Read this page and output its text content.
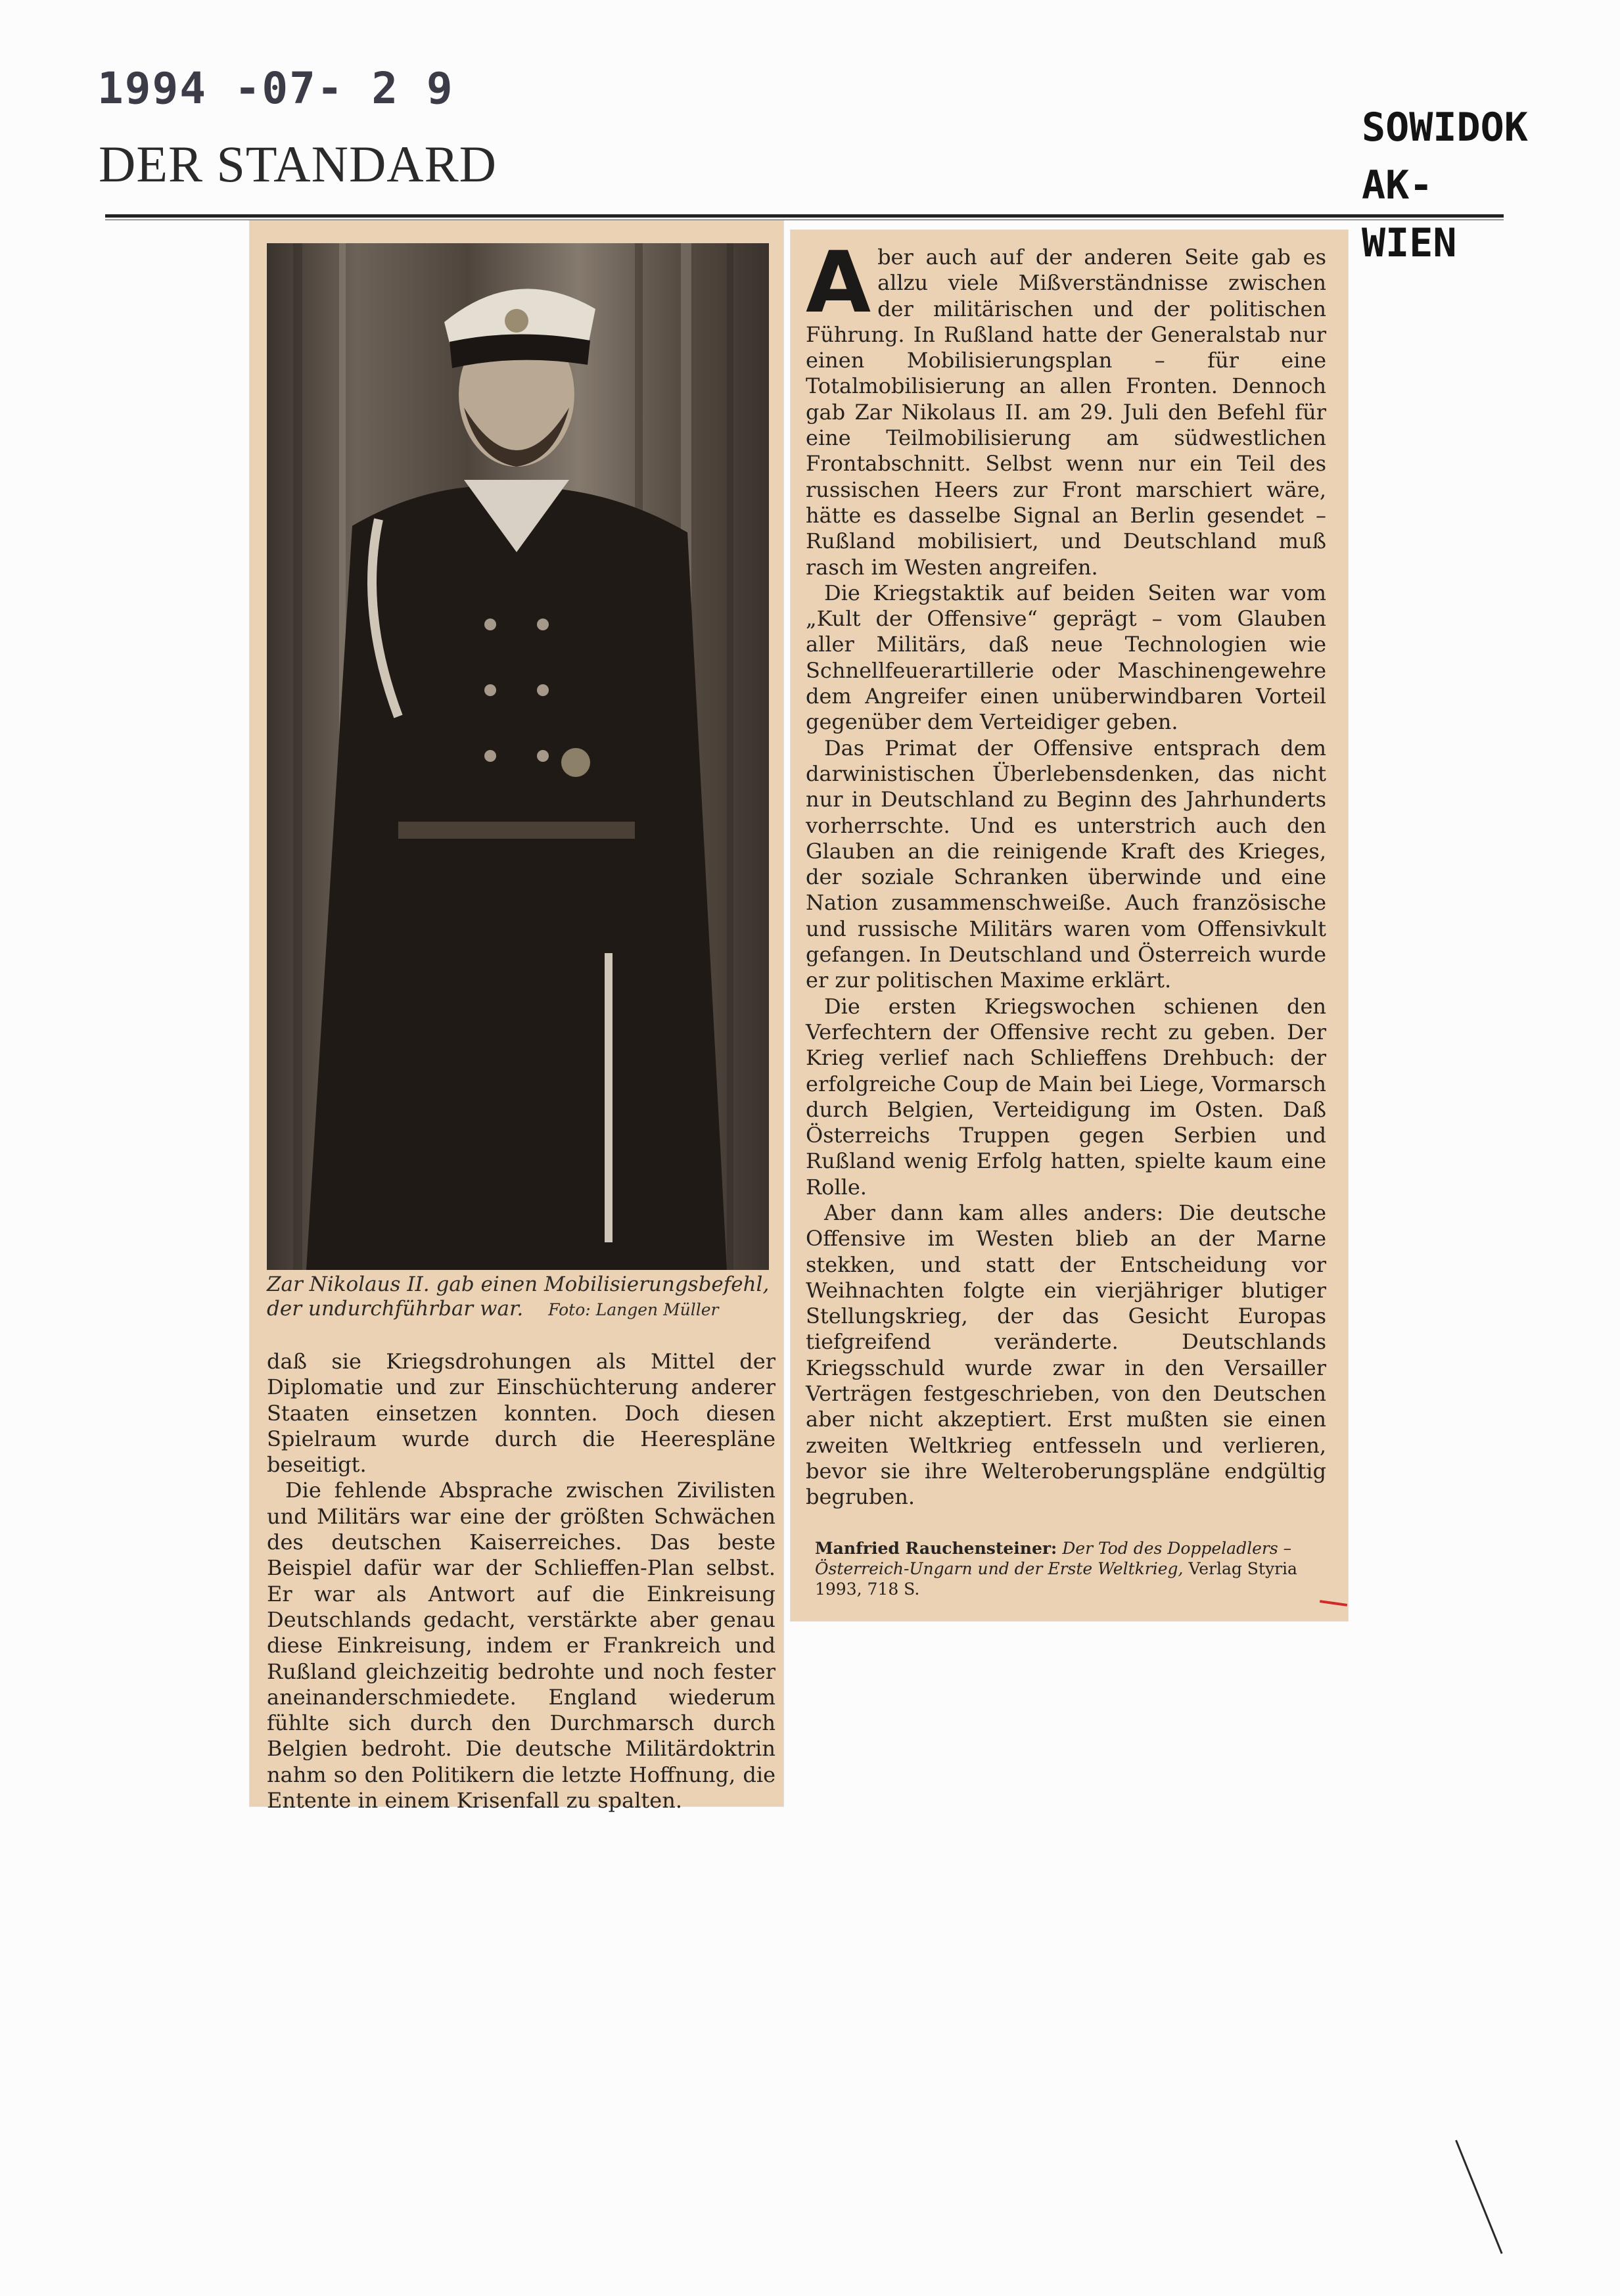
1994 -07- 2 9
DER STANDARD
SOWIDOK
AK-WIEN
Zar Nikolaus II. gab einen Mobilisierungsbefehl, der undurchführbar war. Foto: Langen Müller

daß sie Kriegsdrohungen als Mittel der Diplomatie und zur Einschüchterung anderer Staaten einsetzen konnten. Doch diesen Spielraum wurde durch die Heerespläne beseitigt.

Die fehlende Absprache zwischen Zivilisten und Militärs war eine der größten Schwächen des deutschen Kaiserreiches. Das beste Beispiel dafür war der Schlieffen-Plan selbst. Er war als Antwort auf die Einkreisung Deutschlands gedacht, verstärkte aber genau diese Einkreisung, indem er Frankreich und Rußland gleichzeitig bedrohte und noch fester aneinanderschmiedete. England wiederum fühlte sich durch den Durchmarsch durch Belgien bedroht. Die deutsche Militärdoktrin nahm so den Politikern die letzte Hoffnung, die Entente in einem Krisenfall zu spalten.

Aber auch auf der anderen Seite gab es allzu viele Mißverständnisse zwischen der militärischen und der politischen Führung. In Rußland hatte der Generalstab nur einen Mobilisierungsplan – für eine Totalmobilisierung an allen Fronten. Dennoch gab Zar Nikolaus II. am 29. Juli den Befehl für eine Teilmobilisierung am südwestlichen Frontabschnitt. Selbst wenn nur ein Teil des russischen Heers zur Front marschiert wäre, hätte es dasselbe Signal an Berlin gesendet – Rußland mobilisiert, und Deutschland muß rasch im Westen angreifen.

Die Kriegstaktik auf beiden Seiten war vom „Kult der Offensive“ geprägt – vom Glauben aller Militärs, daß neue Technologien wie Schnellfeuerartillerie oder Maschinengewehre dem Angreifer einen unüberwindbaren Vorteil gegenüber dem Verteidiger geben.

Das Primat der Offensive entsprach dem darwinistischen Überlebensdenken, das nicht nur in Deutschland zu Beginn des Jahrhunderts vorherrschte. Und es unterstrich auch den Glauben an die reinigende Kraft des Krieges, der soziale Schranken überwinde und eine Nation zusammenschweiße. Auch französische und russische Militärs waren vom Offensivkult gefangen. In Deutschland und Österreich wurde er zur politischen Maxime erklärt.

Die ersten Kriegswochen schienen den Verfechtern der Offensive recht zu geben. Der Krieg verlief nach Schlieffens Drehbuch: der erfolgreiche Coup de Main bei Liege, Vormarsch durch Belgien, Verteidigung im Osten. Daß Österreichs Truppen gegen Serbien und Rußland wenig Erfolg hatten, spielte kaum eine Rolle.

Aber dann kam alles anders: Die deutsche Offensive im Westen blieb an der Marne stekken, und statt der Entscheidung vor Weihnachten folgte ein vierjähriger blutiger Stellungskrieg, der das Gesicht Europas tiefgreifend veränderte. Deutschlands Kriegsschuld wurde zwar in den Versailler Verträgen festgeschrieben, von den Deutschen aber nicht akzeptiert. Erst mußten sie einen zweiten Weltkrieg entfesseln und verlieren, bevor sie ihre Welteroberungspläne endgültig begruben.

Manfried Rauchensteiner: Der Tod des Doppeladlers – Österreich-Ungarn und der Erste Weltkrieg, Verlag Styria 1993, 718 S.
